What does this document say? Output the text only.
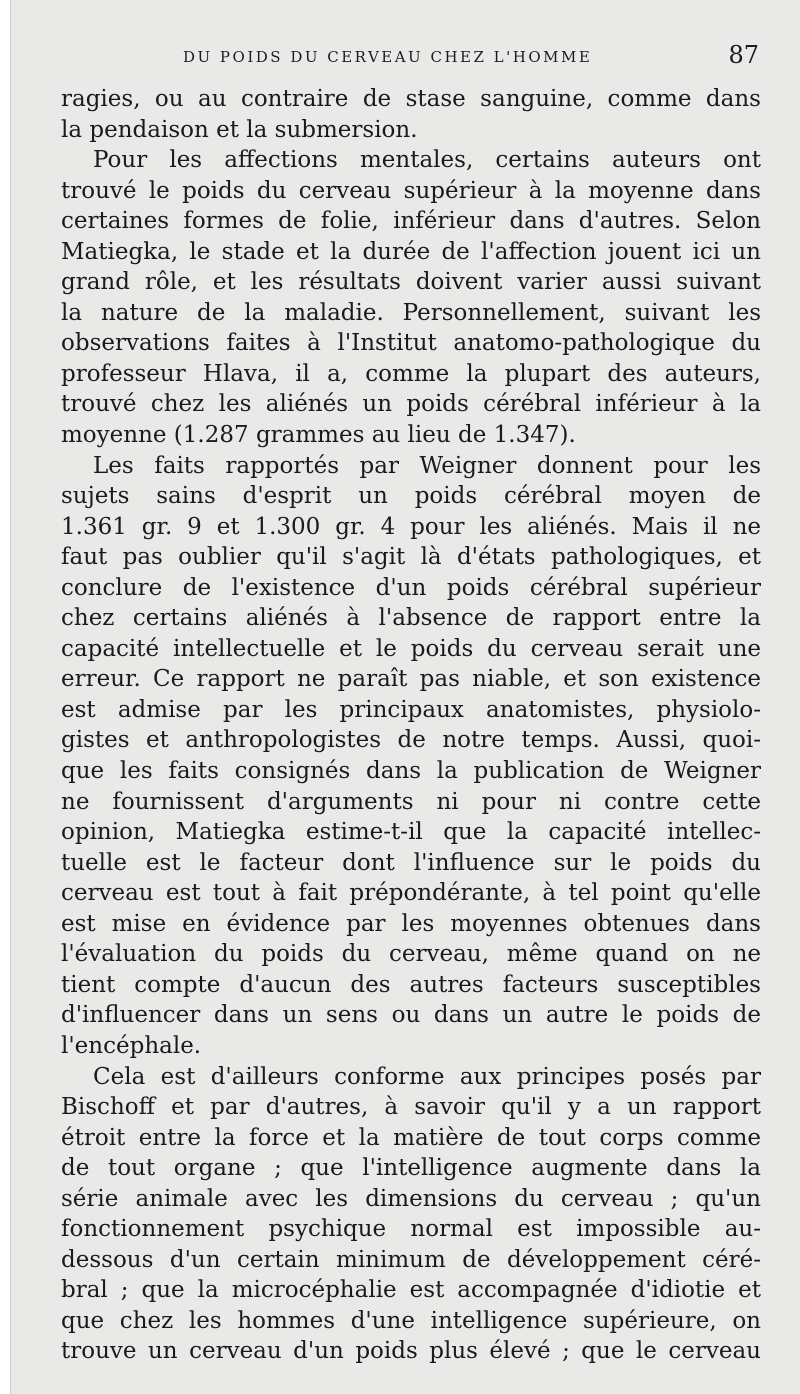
DU POIDS DU CERVEAU CHEZ L'HOMME	87
ragies, ou au contraire de stase sanguine, comme dans
la pendaison et la submersion.
Pour les affections mentales, certains auteurs ont
trouvé le poids du cerveau supérieur à la moyenne dans
certaines formes de folie, inférieur dans d'autres. Selon
Matiegka, le stade et la durée de l'affection jouent ici un
grand rôle, et les résultats doivent varier aussi suivant
la nature de la maladie. Personnellement, suivant les
observations faites à l'Institut anatomo-pathologique du
professeur Hlava, il a, comme la plupart des auteurs,
trouvé chez les aliénés un poids cérébral inférieur à la
moyenne (1.287 grammes au lieu de 1.347).
Les faits rapportés par Weigner donnent pour les
sujets sains d'esprit un poids cérébral moyen de
1.361 gr. 9 et 1.300 gr. 4 pour les aliénés. Mais il ne
faut pas oublier qu'il s'agit là d'états pathologiques, et
conclure de l'existence d'un poids cérébral supérieur
chez certains aliénés à l'absence de rapport entre la
capacité intellectuelle et le poids du cerveau serait une
erreur. Ce rapport ne paraît pas niable, et son existence
est admise par les principaux anatomistes, physiolo-
gistes et anthropologistes de notre temps. Aussi, quoi-
que les faits consignés dans la publication de Weigner
ne fournissent d'arguments ni pour ni contre cette
opinion, Matiegka estime-t-il que la capacité intellec-
tuelle est le facteur dont l'influence sur le poids du
cerveau est tout à fait prépondérante, à tel point qu'elle
est mise en évidence par les moyennes obtenues dans
l'évaluation du poids du cerveau, même quand on ne
tient compte d'aucun des autres facteurs susceptibles
d'influencer dans un sens ou dans un autre le poids de
l'encéphale.
Cela est d'ailleurs conforme aux principes posés par
Bischoff et par d'autres, à savoir qu'il y a un rapport
étroit entre la force et la matière de tout corps comme
de tout organe ; que l'intelligence augmente dans la
série animale avec les dimensions du cerveau ; qu'un
fonctionnement psychique normal est impossible au-
dessous d'un certain minimum de développement céré-
bral ; que la microcéphalie est accompagnée d'idiotie et
que chez les hommes d'une intelligence supérieure, on
trouve un cerveau d'un poids plus élevé ; que le cerveau
